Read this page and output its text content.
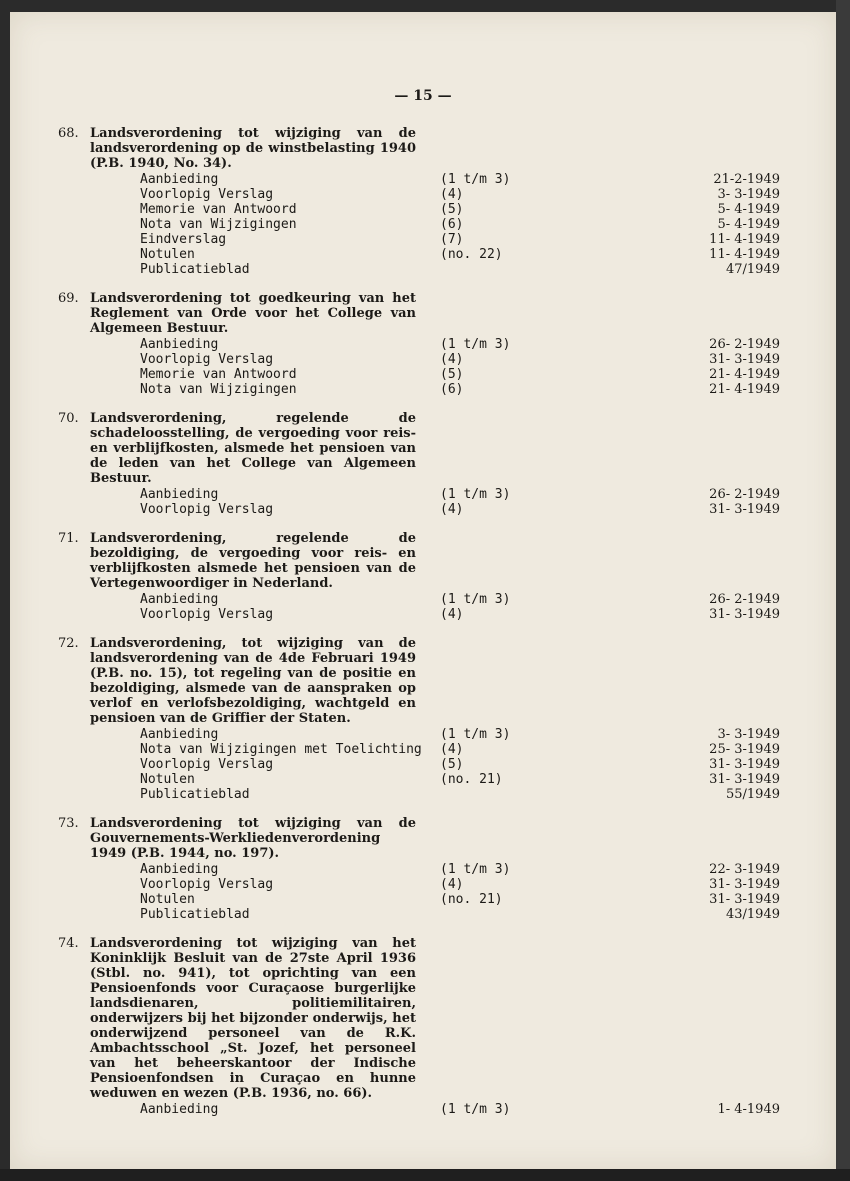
— 15 —
68. Landsverordening tot wijziging van de landsverordening op de winstbelasting 1940 (P.B. 1940, No. 34).
Aanbieding	(1 t/m 3)	21-2-1949
Voorlopig Verslag	(4)	3- 3-1949
Memorie van Antwoord	(5)	5- 4-1949
Nota van Wijzigingen	(6)	5- 4-1949
Eindverslag	(7)	11- 4-1949
Notulen	(no. 22)	11- 4-1949
Publicatieblad	47/1949
69. Landsverordening tot goedkeuring van het Reglement van Orde voor het College van Algemeen Bestuur.
Aanbieding	(1 t/m 3)	26- 2-1949
Voorlopig Verslag	(4)	31- 3-1949
Memorie van Antwoord	(5)	21- 4-1949
Nota van Wijzigingen	(6)	21- 4-1949
70. Landsverordening, regelende de schadeloosstelling, de vergoeding voor reis- en verblijfkosten, alsmede het pensioen van de leden van het College van Algemeen Bestuur.
Aanbieding	(1 t/m 3)	26- 2-1949
Voorlopig Verslag	(4)	31- 3-1949
71. Landsverordening, regelende de bezoldiging, de vergoeding voor reis- en verblijfkosten alsmede het pensioen van de Vertegenwoordiger in Nederland.
Aanbieding	(1 t/m 3)	26- 2-1949
Voorlopig Verslag	(4)	31- 3-1949
72. Landsverordening, tot wijziging van de landsverordening van de 4de Februari 1949 (P.B. no. 15), tot regeling van de positie en bezoldiging, alsmede van de aanspraken op verlof en verlofsbezoldiging, wachtgeld en pensioen van de Griffier der Staten.
Aanbieding	(1 t/m 3)	3- 3-1949
Nota van Wijzigingen met Toelichting	(4)	25- 3-1949
Voorlopig Verslag	(5)	31- 3-1949
Notulen	(no. 21)	31- 3-1949
Publicatieblad	55/1949
73. Landsverordening tot wijziging van de Gouvernements-Werkliedenverordening 1949 (P.B. 1944, no. 197).
Aanbieding	(1 t/m 3)	22- 3-1949
Voorlopig Verslag	(4)	31- 3-1949
Notulen	(no. 21)	31- 3-1949
Publicatieblad	43/1949
74. Landsverordening tot wijziging van het Koninklijk Besluit van de 27ste April 1936 (Stbl. no. 941), tot oprichting van een Pensioenfonds voor Curaçaose burgerlijke landsdienaren, politiemilitairen, onderwijzers bij het bijzonder onderwijs, het onderwijzend personeel van de R.K. Ambachtsschool „St. Jozef, het personeel van het beheerskantoor der Indische Pensioenfondsen in Curaçao en hunne weduwen en wezen (P.B. 1936, no. 66).
Aanbieding	(1 t/m 3)	1- 4-1949
